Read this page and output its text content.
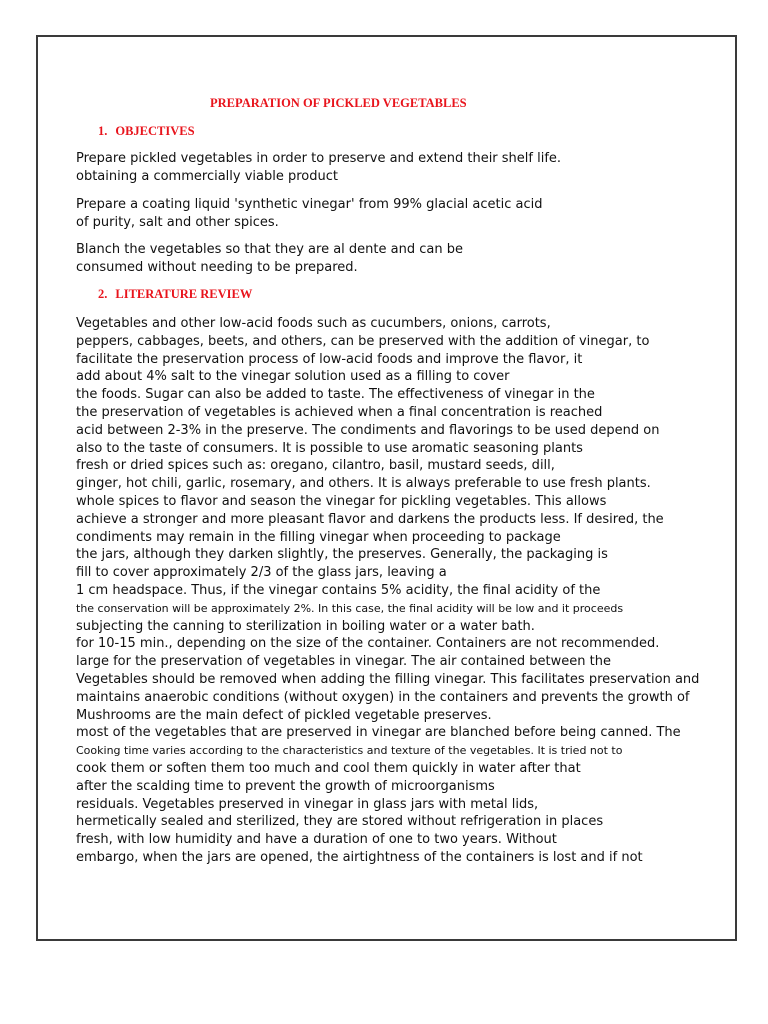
PREPARATION OF PICKLED VEGETABLES
1. OBJECTIVES

Prepare pickled vegetables in order to preserve and extend their shelf life.
obtaining a commercially viable product

Prepare a coating liquid 'synthetic vinegar' from 99% glacial acetic acid
of purity, salt and other spices.

Blanch the vegetables so that they are al dente and can be
consumed without needing to be prepared.

2. LITERATURE REVIEW

Vegetables and other low-acid foods such as cucumbers, onions, carrots,
peppers, cabbages, beets, and others, can be preserved with the addition of vinegar, to
facilitate the preservation process of low-acid foods and improve the flavor, it
add about 4% salt to the vinegar solution used as a filling to cover
the foods. Sugar can also be added to taste. The effectiveness of vinegar in the
the preservation of vegetables is achieved when a final concentration is reached
acid between 2-3% in the preserve. The condiments and flavorings to be used depend on
also to the taste of consumers. It is possible to use aromatic seasoning plants
fresh or dried spices such as: oregano, cilantro, basil, mustard seeds, dill,
ginger, hot chili, garlic, rosemary, and others. It is always preferable to use fresh plants.
whole spices to flavor and season the vinegar for pickling vegetables. This allows
achieve a stronger and more pleasant flavor and darkens the products less. If desired, the
condiments may remain in the filling vinegar when proceeding to package
the jars, although they darken slightly, the preserves. Generally, the packaging is
fill to cover approximately 2/3 of the glass jars, leaving a
1 cm headspace. Thus, if the vinegar contains 5% acidity, the final acidity of the
the conservation will be approximately 2%. In this case, the final acidity will be low and it proceeds
subjecting the canning to sterilization in boiling water or a water bath.
for 10-15 min., depending on the size of the container. Containers are not recommended.
large for the preservation of vegetables in vinegar. The air contained between the
Vegetables should be removed when adding the filling vinegar. This facilitates preservation and
maintains anaerobic conditions (without oxygen) in the containers and prevents the growth of
Mushrooms are the main defect of pickled vegetable preserves.
most of the vegetables that are preserved in vinegar are blanched before being canned. The
Cooking time varies according to the characteristics and texture of the vegetables. It is tried not to
cook them or soften them too much and cool them quickly in water after that
after the scalding time to prevent the growth of microorganisms
residuals. Vegetables preserved in vinegar in glass jars with metal lids,
hermetically sealed and sterilized, they are stored without refrigeration in places
fresh, with low humidity and have a duration of one to two years. Without
embargo, when the jars are opened, the airtightness of the containers is lost and if not
